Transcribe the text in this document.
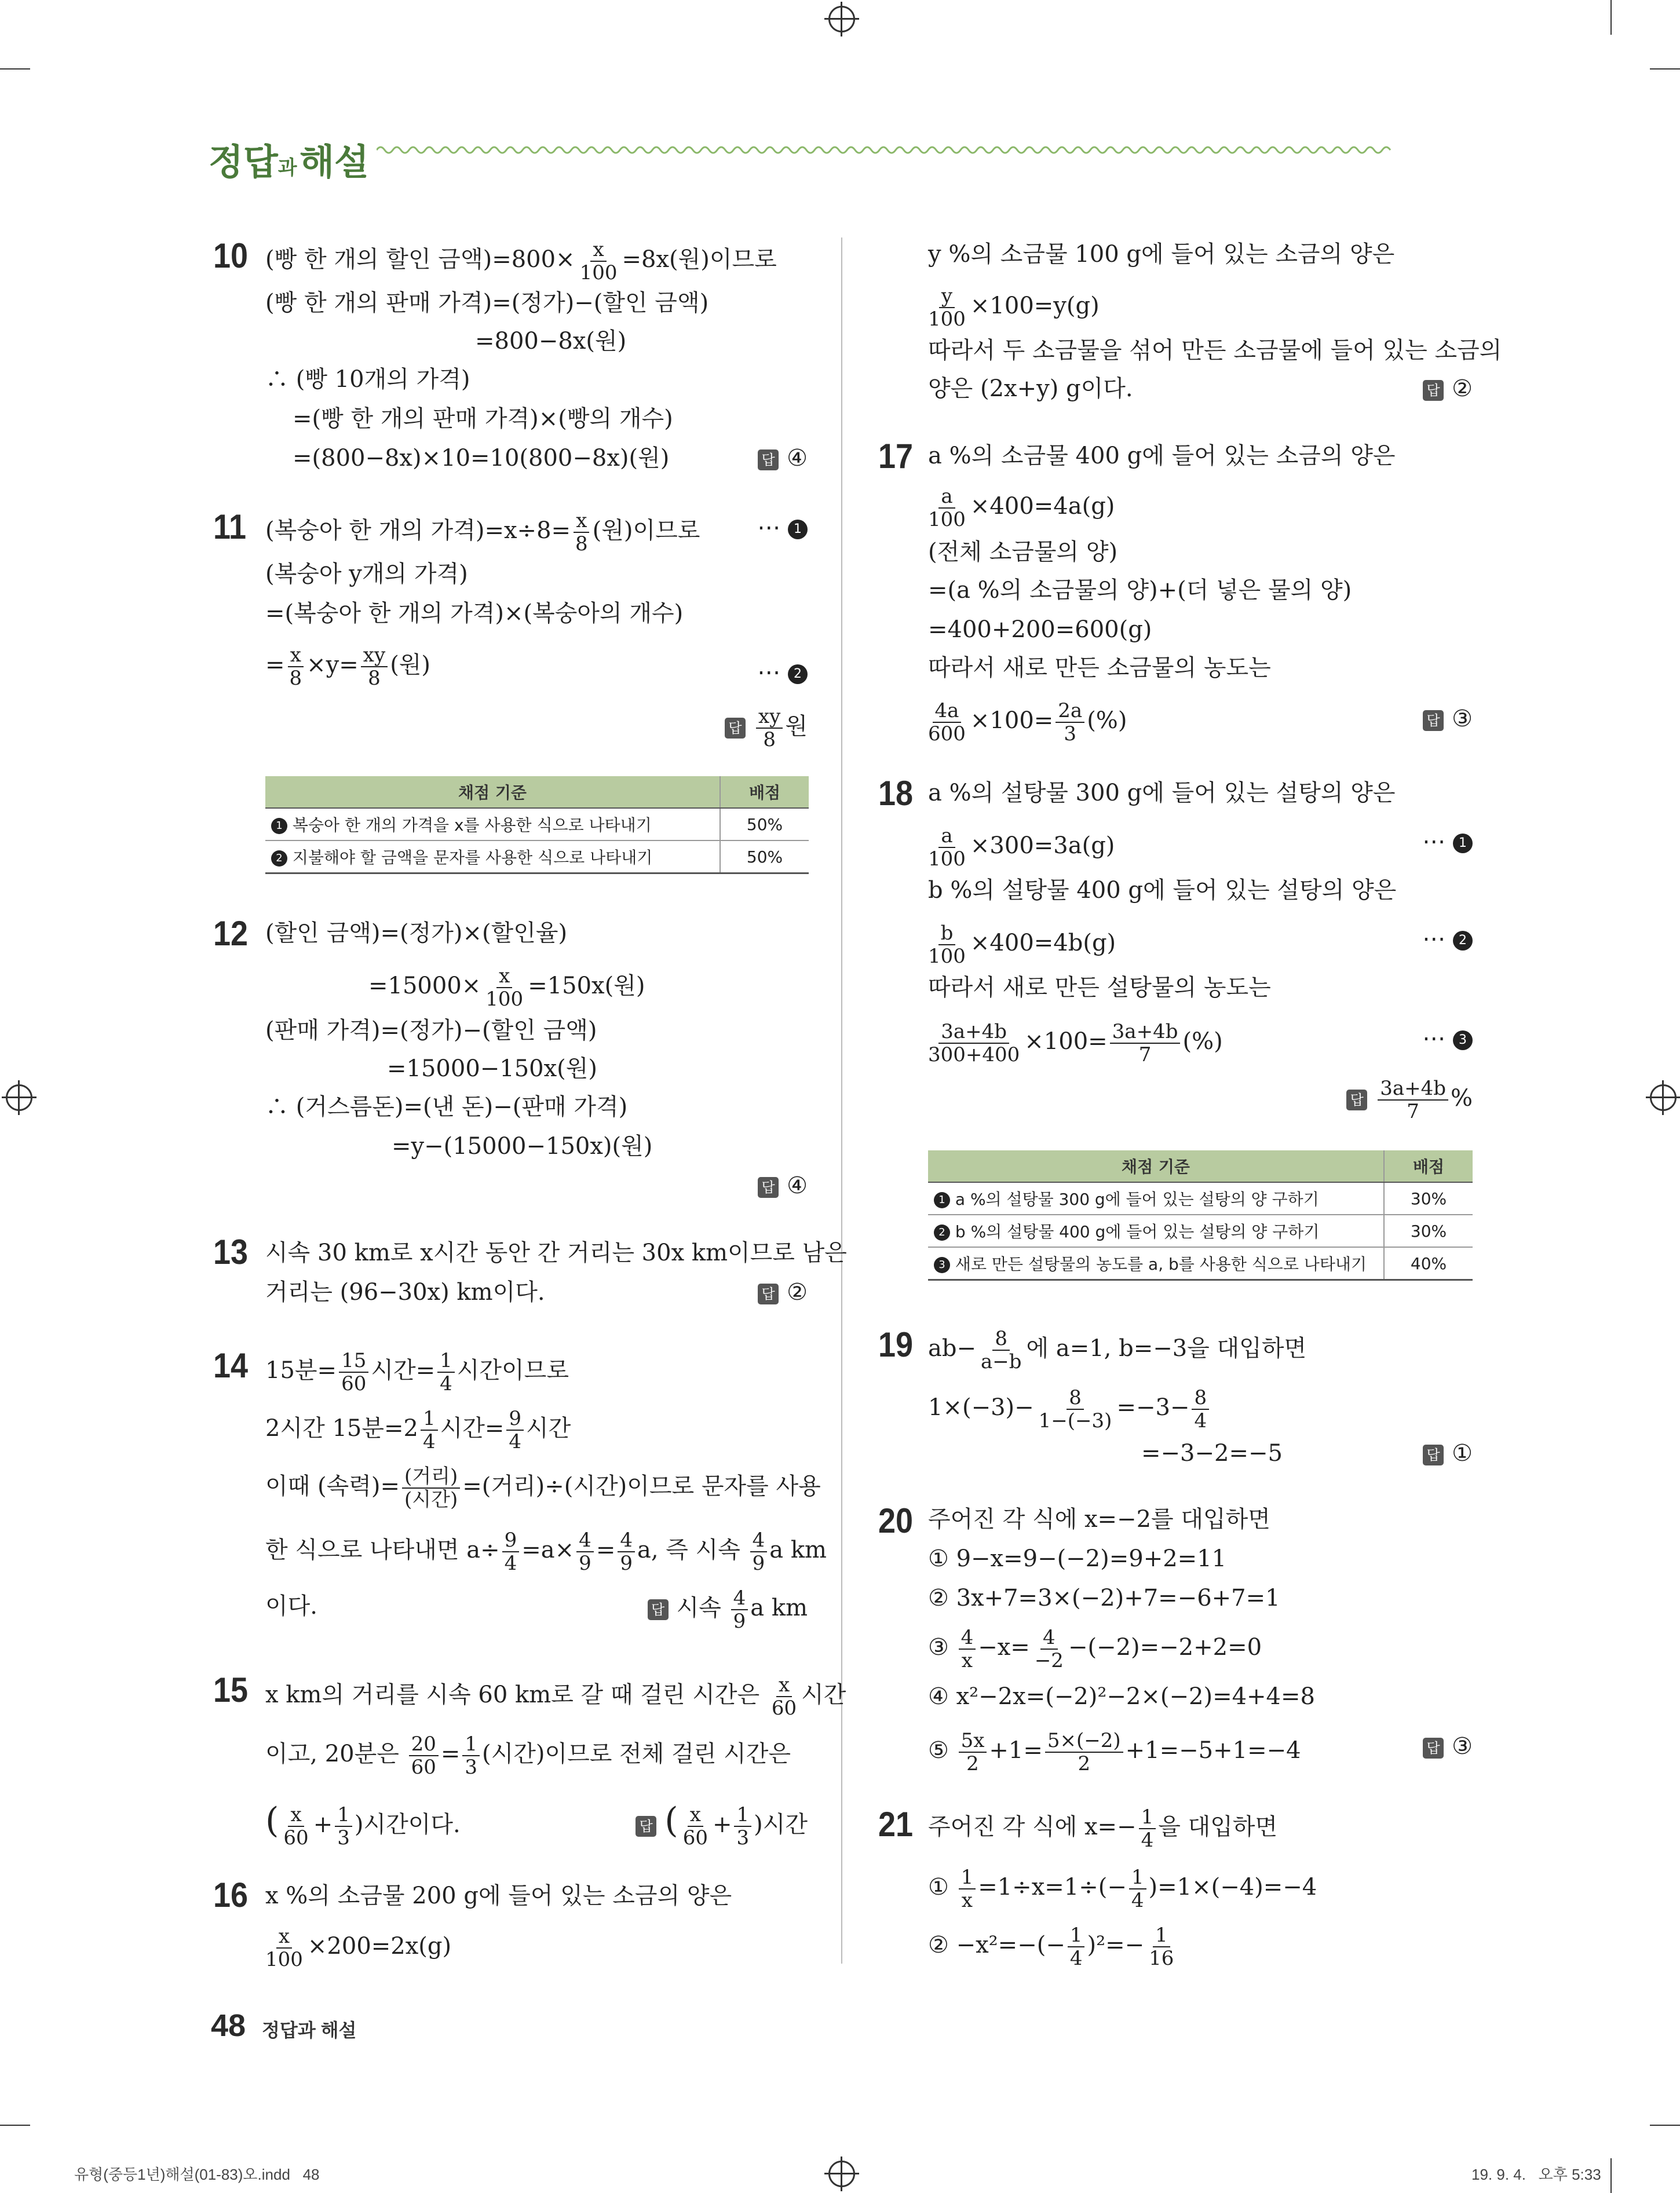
정답과 해설
10 (빵 한 개의 할인 금액)$=800\times \frac{x}{100} =8x$(원)이므로
(빵 한 개의 판매 가격)=(정가)−(할인 금액)
=800−8x(원)
∴ (빵 10개의 가격)
=(빵 한 개의 판매 가격)×(빵의 개수)
=(800−8x)×10=10(800−8x)(원)	답 ④
11 (복숭아 한 개의 가격)$=x\div 8= \frac{x}{8}$ (원)이므로 ⋯ 1
(복숭아 y개의 가격)
=(복숭아 한 개의 가격)×(복숭아의 개수)
= $\frac{x}{8} \times y= \frac{xy}{8}$ (원)	⋯ 2
답 $\frac{xy}{8}$ 원
채점 기준	배점
1 복숭아 한 개의 가격을 x를 사용한 식으로 나타내기	50%
2 지불해야 할 금액을 문자를 사용한 식으로 나타내기	50%
12 (할인 금액)=(정가)×(할인율)
$=15000\times \frac{x}{100} =150x$(원)
(판매 가격)=(정가)−(할인 금액)
=15000−150x(원)
∴ (거스름돈)=(낸 돈)−(판매 가격)
=y−(15000−150x)(원)
답 ④
13 시속 30 km로 x시간 동안 간 거리는 30x km이므로 남은
거리는 (96−30x) km이다.	답 ②
14 15분= $\frac{15}{60}$ 시간= $\frac{1}{4}$ 시간이므로
2시간 15분$=2 \frac{1}{4}$ 시간= $\frac{9}{4}$ 시간
이때 (속력)= $\frac{\text{(거리)}}{\text{(시간)}}$ =(거리)÷(시간)이므로 문자를 사용
한 식으로 나타내면 $a\div \frac{9}{4} =a\times \frac{4}{9} = \frac{4}{9} a$, 즉 시속 $\frac{4}{9}$ a km
이다.	답 시속 $\frac{4}{9}$ a km
15 x km의 거리를 시속 60 km로 갈 때 걸린 시간은 $\frac{x}{60}$ 시간
이고, 20분은 $\frac{20}{60} = \frac{1}{3}$ (시간)이므로 전체 걸린 시간은
( $\frac{x}{60} + \frac{1}{3}$ )시간이다.	답 ( $\frac{x}{60} + \frac{1}{3}$ )시간
16 x %의 소금물 200 g에 들어 있는 소금의 양은
$\frac{x}{100} \times 200=2x(g)$
y %의 소금물 100 g에 들어 있는 소금의 양은
$\frac{y}{100} \times 100=y(g)$
따라서 두 소금물을 섞어 만든 소금물에 들어 있는 소금의
양은 (2x+y) g이다.	답 ②
17 a %의 소금물 400 g에 들어 있는 소금의 양은
$\frac{a}{100} \times 400=4a(g)$
(전체 소금물의 양)
=(a %의 소금물의 양)+(더 넣은 물의 양)
=400+200=600(g)
따라서 새로 만든 소금물의 농도는
$\frac{4a}{600} \times 100= \frac{2a}{3}$ (%)	답 ③
18 a %의 설탕물 300 g에 들어 있는 설탕의 양은
$\frac{a}{100} \times 300=3a(g)$	⋯ 1
b %의 설탕물 400 g에 들어 있는 설탕의 양은
$\frac{b}{100} \times 400=4b(g)$	⋯ 2
따라서 새로 만든 설탕물의 농도는
$\frac{3a+4b}{300+400} \times 100= \frac{3a+4b}{7}$ (%)	⋯ 3
답 $\frac{3a+4b}{7}$ %
채점 기준	배점
1 a %의 설탕물 300 g에 들어 있는 설탕의 양 구하기	30%
2 b %의 설탕물 400 g에 들어 있는 설탕의 양 구하기	30%
3 새로 만든 설탕물의 농도를 a, b를 사용한 식으로 나타내기	40%
19 $ab- \frac{8}{a-b}$ 에 a=1, b=−3을 대입하면
$1\times(-3)- \frac{8}{1-(-3)} =-3- \frac{8}{4}$
=−3−2=−5	답 ①
20 주어진 각 식에 x=−2를 대입하면
① 9−x=9−(−2)=9+2=11
② 3x+7=3×(−2)+7=−6+7=1
③ $\frac{4}{x} -x= \frac{4}{-2} -(-2)=-2+2=0$
④ x²−2x=(−2)²−2×(−2)=4+4=8
⑤ $\frac{5x}{2} +1= \frac{5\times(-2)}{2} +1=-5+1=-4$	답 ③
21 주어진 각 식에 $x=- \frac{1}{4}$ 을 대입하면
① $\frac{1}{x} =1\div x=1\div(- \frac{1}{4} )=1\times(-4)=-4$
② $-x^2=-(- \frac{1}{4} )^2=- \frac{1}{16}$
48 정답과 해설
유형(중등1년)해설(01-83)오.indd   48	19. 9. 4.   오후 5:33
